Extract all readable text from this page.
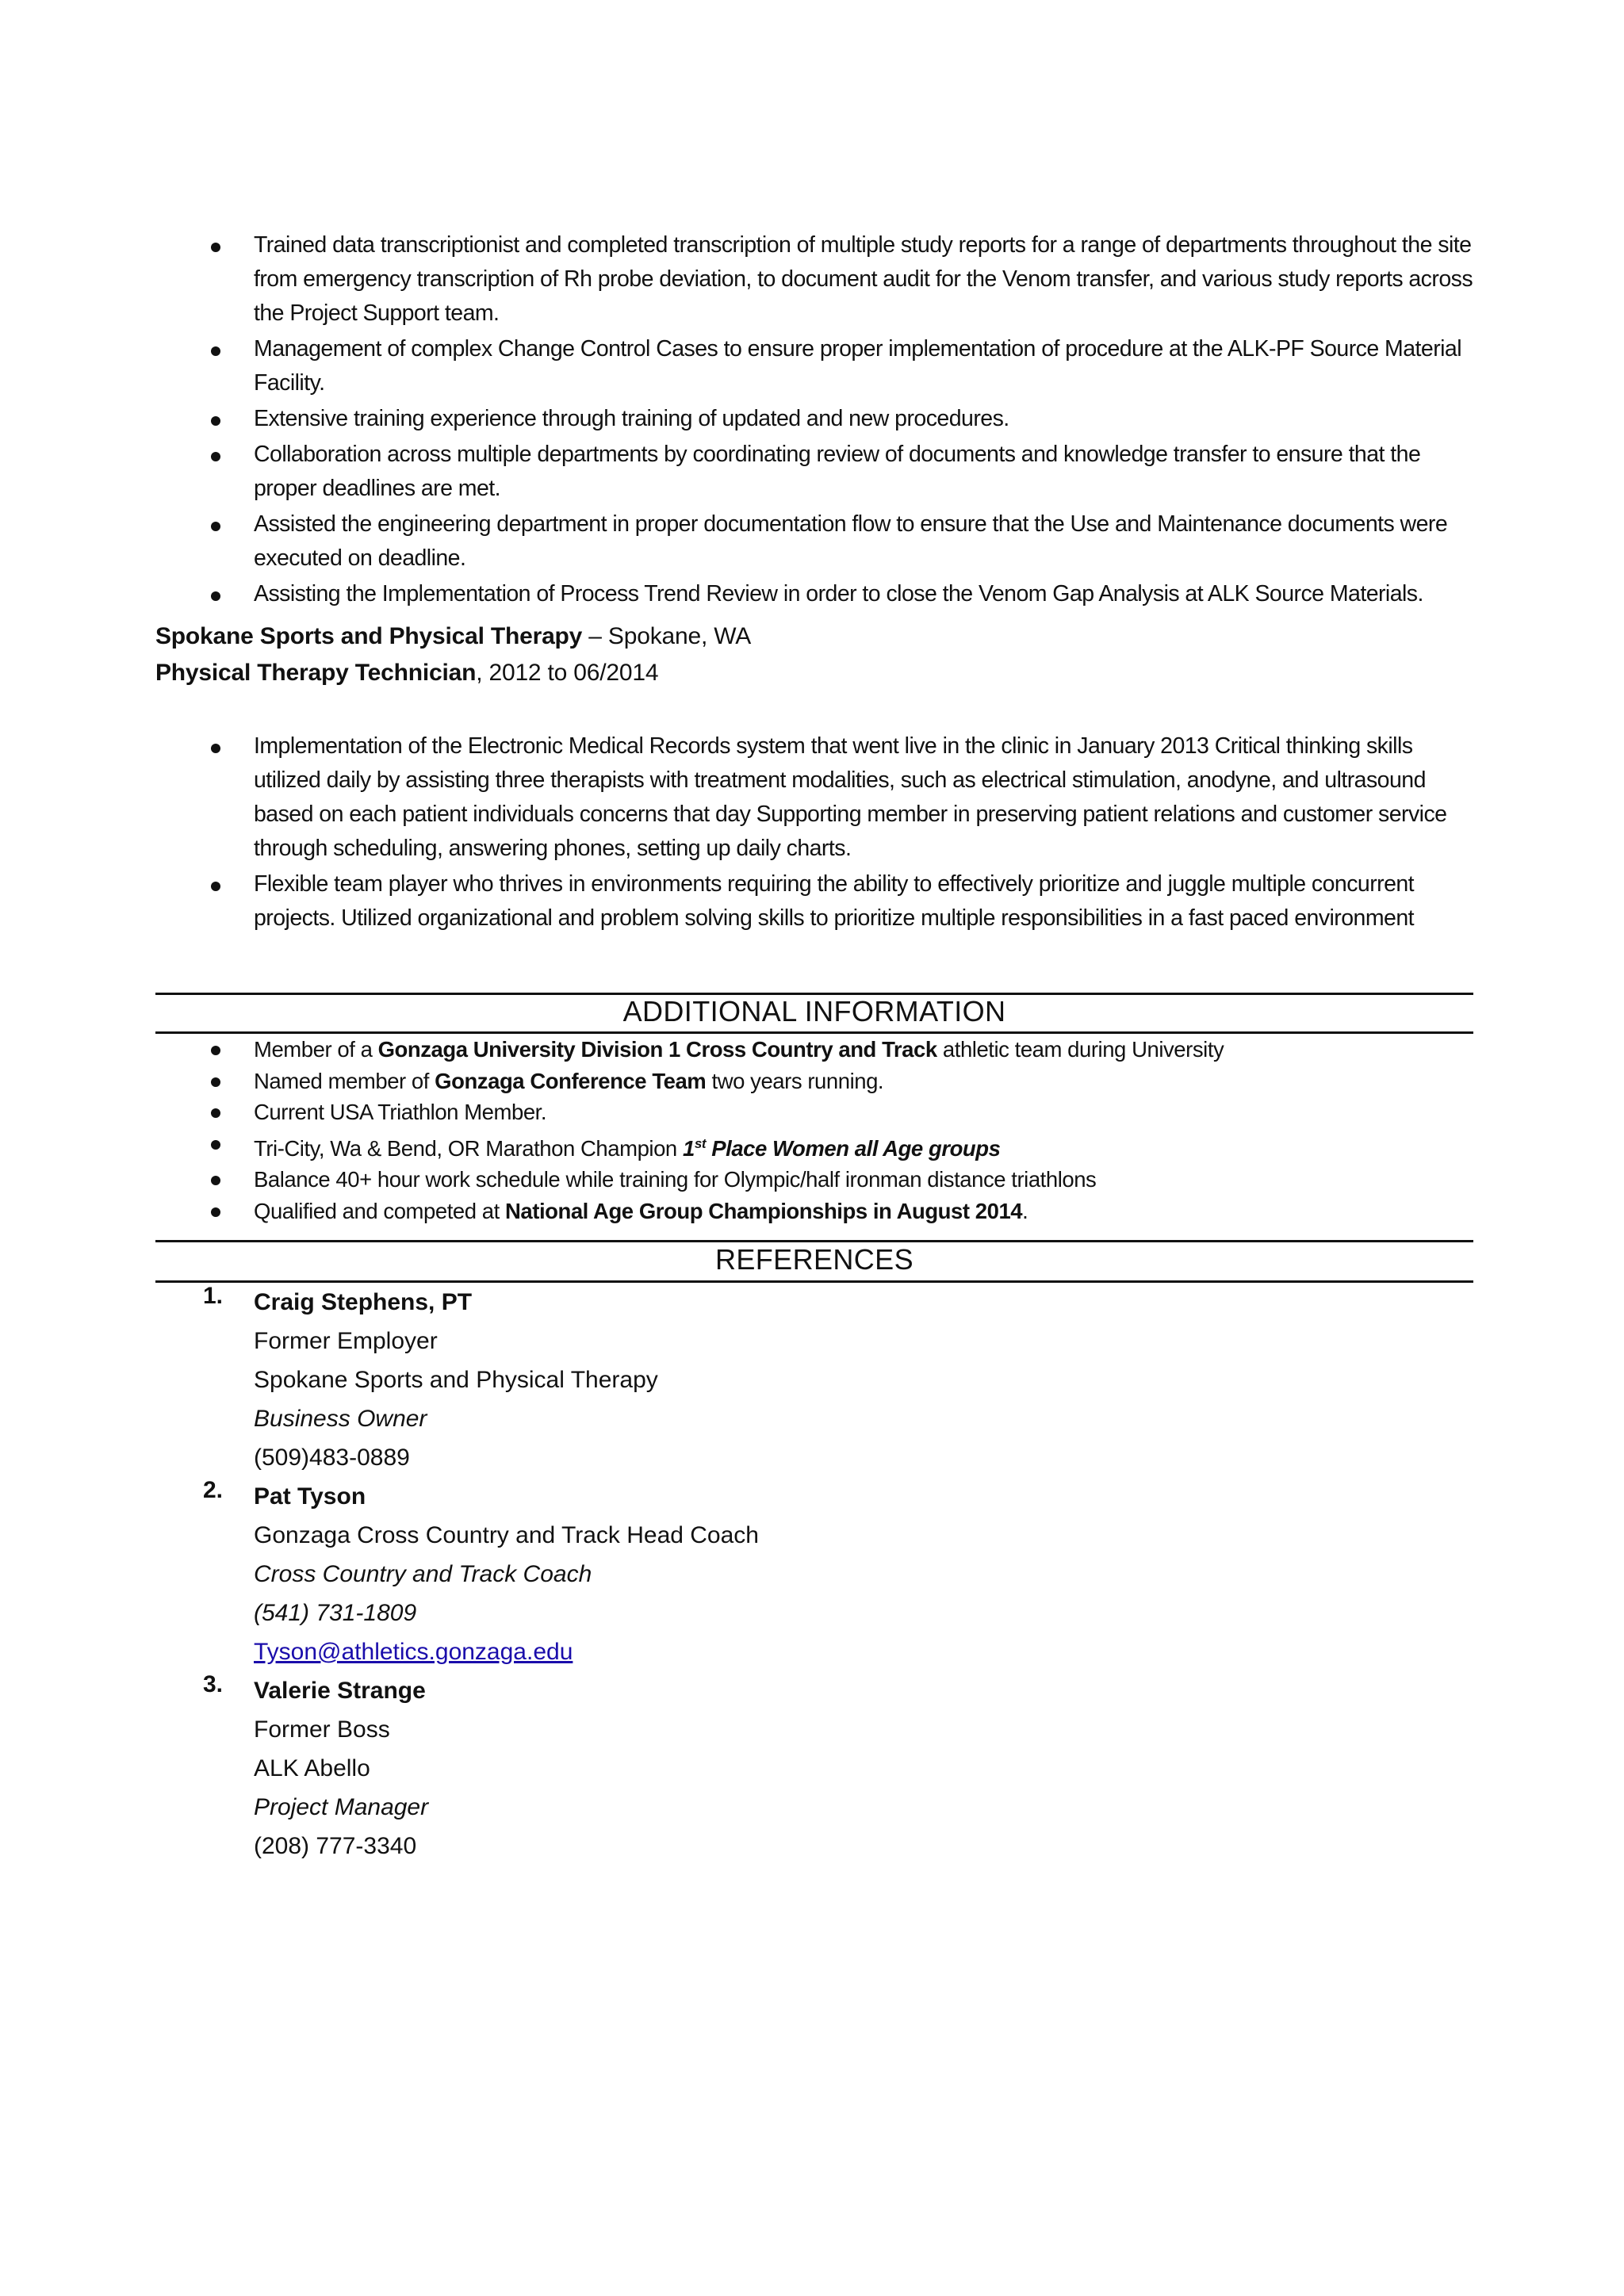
Trained data transcriptionist and completed transcription of multiple study reports for a range of departments throughout the site from emergency transcription of Rh probe deviation, to document audit for the Venom transfer, and various study reports across the Project Support team.
Management of complex Change Control Cases to ensure proper implementation of procedure at the ALK-PF Source Material Facility.
Extensive training experience through training of updated and new procedures.
Collaboration across multiple departments by coordinating review of documents and knowledge transfer to ensure that the proper deadlines are met.
Assisted the engineering department in proper documentation flow to ensure that the Use and Maintenance documents were executed on deadline.
Assisting the Implementation of Process Trend Review in order to close the Venom Gap Analysis at ALK Source Materials.
Spokane Sports and Physical Therapy – Spokane, WA
Physical Therapy Technician, 2012 to 06/2014
Implementation of the Electronic Medical Records system that went live in the clinic in January 2013 Critical thinking skills utilized daily by assisting three therapists with treatment modalities, such as electrical stimulation, anodyne, and ultrasound based on each patient individuals concerns that day Supporting member in preserving patient relations and customer service through scheduling, answering phones, setting up daily charts.
Flexible team player who thrives in environments requiring the ability to effectively prioritize and juggle multiple concurrent projects. Utilized organizational and problem solving skills to prioritize multiple responsibilities in a fast paced environment
ADDITIONAL INFORMATION
Member of a Gonzaga University Division 1 Cross Country and Track athletic team during University
Named member of Gonzaga Conference Team two years running.
Current USA Triathlon Member.
Tri-City, Wa & Bend, OR Marathon Champion 1st Place Women all Age groups
Balance 40+ hour work schedule while training for Olympic/half ironman distance triathlons
Qualified and competed at National Age Group Championships in August 2014.
REFERENCES
1. Craig Stephens, PT
Former Employer
Spokane Sports and Physical Therapy
Business Owner
(509)483-0889
2. Pat Tyson
Gonzaga Cross Country and Track Head Coach
Cross Country and Track Coach
(541) 731-1809
Tyson@athletics.gonzaga.edu
3. Valerie Strange
Former Boss
ALK Abello
Project Manager
(208) 777-3340
